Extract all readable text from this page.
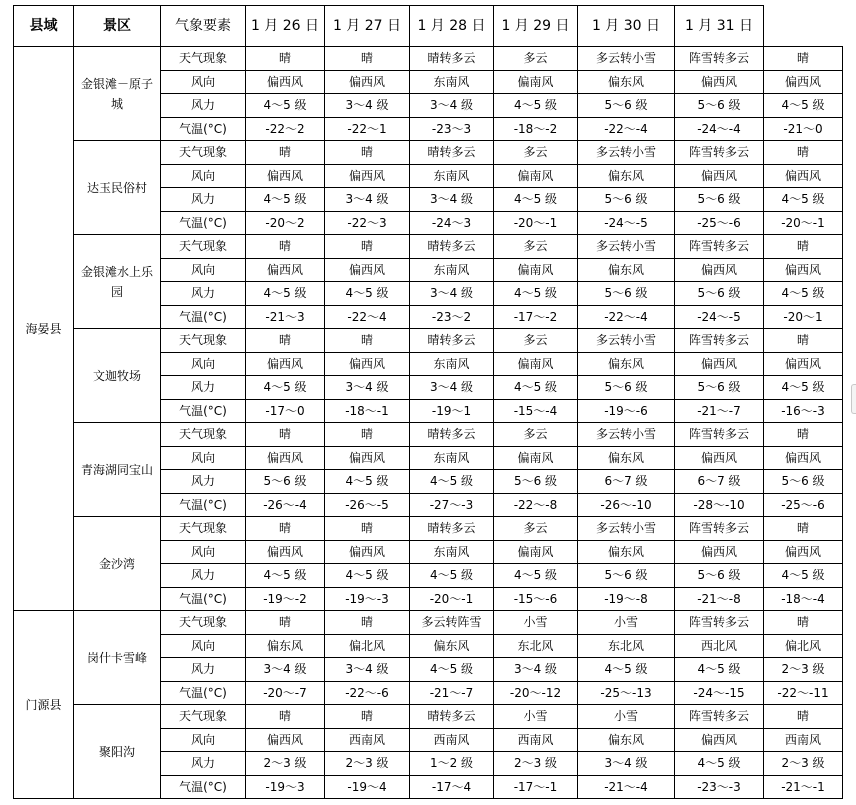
县域	景区	气象要素	1 月 26 日	1 月 27 日	1 月 28 日	1 月 29 日	1 月 30 日	1 月 31 日	
海晏县	金银滩－原子城	天气现象	晴	晴	晴转多云	多云	多云转小雪	阵雪转多云	晴
		风向	偏西风	偏西风	东南风	偏南风	偏东风	偏西风	偏西风
		风力	4～5 级	3～4 级	3～4 级	4～5 级	5～6 级	5～6 级	4～5 级
		气温(°C)	-22～2	-22～1	-23～3	-18～-2	-22～-4	-24～-4	-21～0

	达玉民俗村	天气现象	晴	晴	晴转多云	多云	多云转小雪	阵雪转多云	晴
		风向	偏西风	偏西风	东南风	偏南风	偏东风	偏西风	偏西风
		风力	4～5 级	3～4 级	3～4 级	4～5 级	5～6 级	5～6 级	4～5 级
		气温(°C)	-20～2	-22～3	-24～3	-20～-1	-24～-5	-25～-6	-20～-1

	金银滩水上乐园	天气现象	晴	晴	晴转多云	多云	多云转小雪	阵雪转多云	晴
		风向	偏西风	偏西风	东南风	偏南风	偏东风	偏西风	偏西风
		风力	4～5 级	4～5 级	3～4 级	4～5 级	5～6 级	5～6 级	4～5 级
		气温(°C)	-21～3	-22～4	-23～2	-17～-2	-22～-4	-24～-5	-20～1

	文迦牧场	天气现象	晴	晴	晴转多云	多云	多云转小雪	阵雪转多云	晴
		风向	偏西风	偏西风	东南风	偏南风	偏东风	偏西风	偏西风
		风力	4～5 级	3～4 级	3～4 级	4～5 级	5～6 级	5～6 级	4～5 级
		气温(°C)	-17～0	-18～-1	-19～1	-15～-4	-19～-6	-21～-7	-16～-3

	青海湖同宝山	天气现象	晴	晴	晴转多云	多云	多云转小雪	阵雪转多云	晴
		风向	偏西风	偏西风	东南风	偏南风	偏东风	偏西风	偏西风
		风力	5～6 级	4～5 级	4～5 级	5～6 级	6～7 级	6～7 级	5～6 级
		气温(°C)	-26～-4	-26～-5	-27～-3	-22～-8	-26～-10	-28～-10	-25～-6

	金沙湾	天气现象	晴	晴	晴转多云	多云	多云转小雪	阵雪转多云	晴
		风向	偏西风	偏西风	东南风	偏南风	偏东风	偏西风	偏西风
		风力	4～5 级	4～5 级	4～5 级	4～5 级	5～6 级	5～6 级	4～5 级
		气温(°C)	-19～-2	-19～-3	-20～-1	-15～-6	-19～-8	-21～-8	-18～-4
门源县	岗什卡雪峰	天气现象	晴	晴	多云转阵雪	小雪	小雪	阵雪转多云	晴
		风向	偏东风	偏北风	偏东风	东北风	东北风	西北风	偏北风
		风力	3～4 级	3～4 级	4～5 级	3～4 级	4～5 级	4～5 级	2～3 级
		气温(°C)	-20～-7	-22～-6	-21～-7	-20～-12	-25～-13	-24～-15	-22～-11

	聚阳沟	天气现象	晴	晴	晴转多云	小雪	小雪	阵雪转多云	晴
		风向	偏西风	西南风	西南风	西南风	偏东风	偏西风	西南风
		风力	2～3 级	2～3 级	1～2 级	2～3 级	3～4 级	4～5 级	2～3 级
		气温(°C)	-19～3	-19～4	-17～4	-17～-1	-21～-4	-23～-3	-21～-1
